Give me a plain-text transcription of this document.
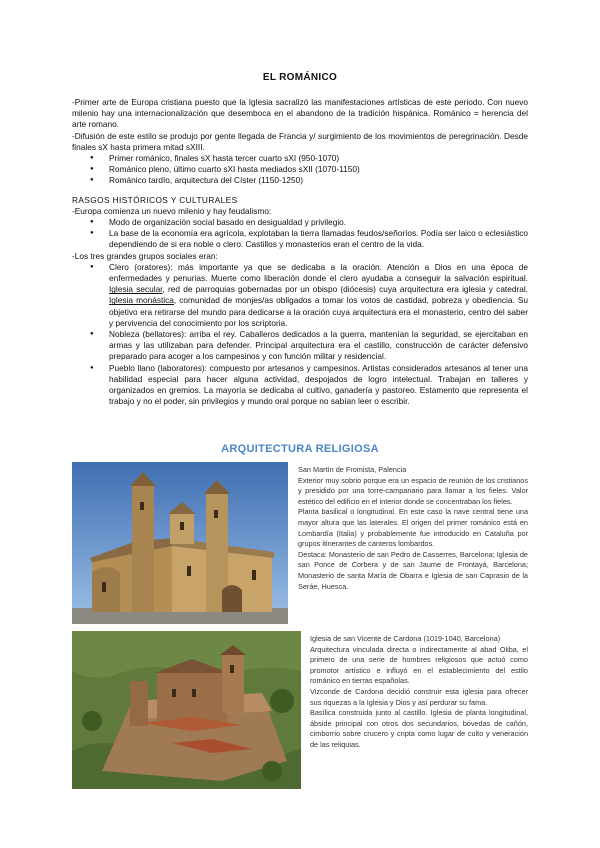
EL ROMÁNICO
-Primer arte de Europa cristiana puesto que la Iglesia sacralizó las manifestaciones artísticas de este periodo. Con nuevo milenio hay una internacionalización que desemboca en el abandono de la tradición hispánica. Románico = herencia del arte romano.
-Difusión de este estilo se produjo por gente llegada de Francia y/ surgimiento de los movimientos de peregrinación. Desde finales sX hasta primera mitad sXIII.
● Primer románico, finales sX hasta tercer cuarto sXI (950-1070)
● Románico pleno, último cuarto sXI hasta mediados sXII (1070-1150)
● Románico tardío, arquitectura del Císter (1150-1250)
RASGOS HISTÓRICOS Y CULTURALES
-Europa comienza un nuevo milenio y hay feudalismo:
● Modo de organización social basado en desigualdad y privilegio.
● La base de la economía era agrícola, explotaban la tierra llamadas feudos/señoríos. Podía ser laico o eclesiástico dependiendo de si era noble o clero. Castillos y monasterios eran el centro de la vida.
-Los tres grandes grupos sociales eran:
● Clero (oratores): más importante ya que se dedicaba a la oración. Atención a Dios en una época de enfermedades y penurias. Muerte como liberación donde el clero ayudaba a conseguir la salvación espiritual. Iglesia secular, red de parroquias gobernadas por un obispo (diócesis) cuya arquitectura era iglesia y catedral. Iglesia monástica, comunidad de monjes/as obligados a tomar los votos de castidad, pobreza y obediencia. Su objetivo era retirarse del mundo para dedicarse a la oración cuya arquitectura era el monasterio, centro del saber y pervivencia del conocimiento por los scriptoria.
● Nobleza (bellatores): arriba el rey. Caballeros dedicados a la guerra, mantenían la seguridad, se ejercitaban en armas y las utilizaban para defender. Principal arquitectura era el castillo, construcción de carácter defensivo preparado para acoger a los campesinos y con función militar y residencial.
● Pueblo llano (laboratores): compuesto por artesanos y campesinos. Artistas considerados artesanos al tener una habilidad especial para hacer alguna actividad, despojados de logro intelectual. Trabajan en talleres y organizados en gremios. La mayoría se dedicaba al cultivo, ganadería y pastoreo. Estamento que representa el trabajo y no el poder, sin privilegios y mundo oral porque no sabían leer o escribir.
ARQUITECTURA RELIGIOSA
San Martín de Fromista, Palencia
Exterior muy sobrio porque era un espacio de reunión de los cristianos y presidido por una torre-campanario para llamar a los fieles. Valor estético del edificio en el interior donde se concentraban los fieles.
Planta basilical o longitudinal. En este caso la nave central tiene una mayor altura que las laterales. El origen del primer románico está en Lombardía (Italia) y probablemente fue introducido en Cataluña por grupos itinerantes de canteros lombardos.
Destaca: Monasterio de san Pedro de Casserres, Barcelona; Iglesia de san Ponce de Corbera y de san Jaume de Frontayá, Barcelona; Monasterio de santa María de Obarra e Iglesia de san Caprasio de la Seráe, Huesca.
Iglesia de san Vicente de Cardona (1019-1040, Barcelona)
Arquitectura vinculada directa o indirectamente al abad Oliba, el primero de una serie de hombres religiosos que actuó como promotor artístico e influyó en el establecimiento del estilo románico en tierras españolas.
Vizconde de Cardona decidió construir esta iglesia para ofrecer sus riquezas a la Iglesia y Dios y así perdurar su fama.
Basílica construida junto al castillo. Iglesia de planta longitudinal, ábside principal con otros dos secundarios, bóvedas de cañón, cimborrio sobre crucero y cripta como lugar de culto y veneración de las reliquias.
